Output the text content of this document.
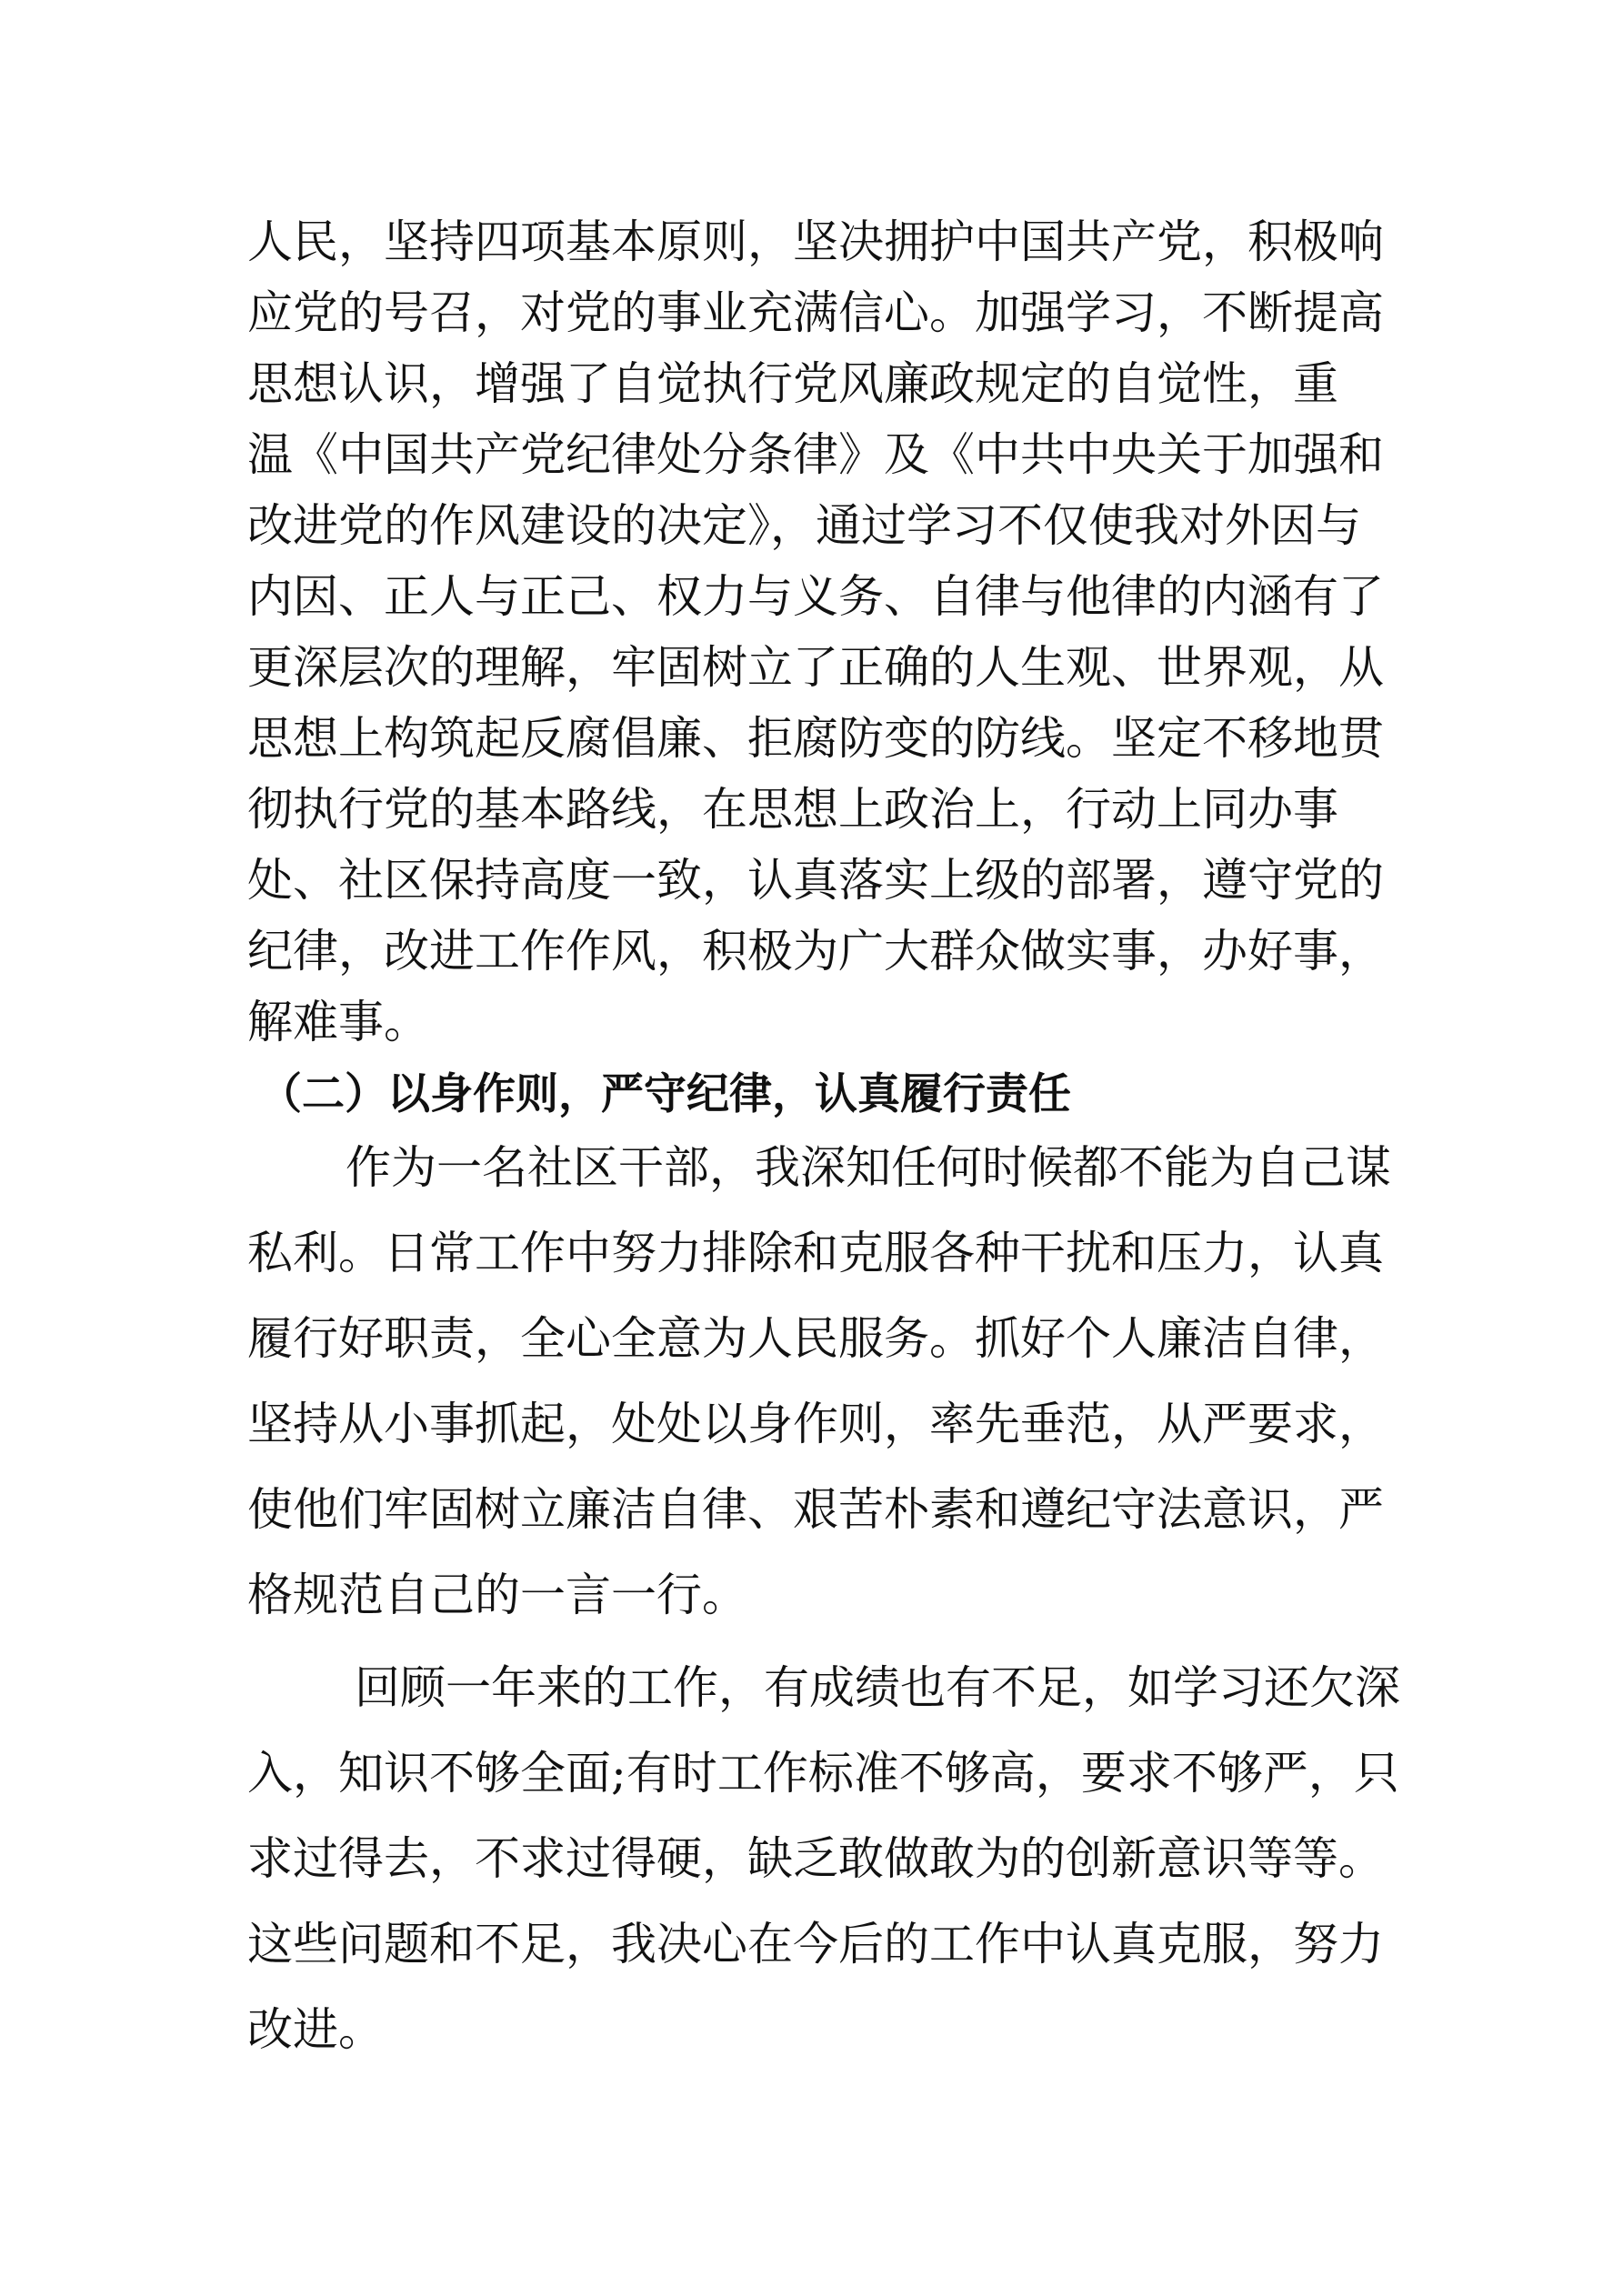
人民，坚持四项基本原则，坚决拥护中国共产党，积极响
应党的号召，对党的事业充满信心。加强学习，不断提高
思想认识，增强了自觉执行党风廉政规定的自觉性，重
温《中国共产党纪律处分条律》及《中共中央关于加强和
改进党的作风建设的决定》，通过学习不仅使我对外因与
内因、正人与正己、权力与义务、自律与他律的内涵有了
更深层次的理解，牢固树立了正确的人生观、世界观，从
思想上构筑起反腐倡廉、拒腐防变的防线。坚定不移地贯
彻执行党的基本路线，在思想上政治上，行动上同办事
处、社区保持高度一致，认真落实上级的部署，遵守党的
纪律，改进工作作风，积极为广大群众做实事，办好事，
解难事。
（二）以身作则，严守纪律，认真履行责任
作为一名社区干部，我深知任何时候都不能为自己谋
私利。日常工作中努力排除和克服各种干扰和压力，认真
履行好职责，全心全意为人民服务。抓好个人廉洁自律，
坚持从小事抓起，处处以身作则，率先垂范，从严要求，
使他们牢固树立廉洁自律、艰苦朴素和遵纪守法意识，严
格规范自己的一言一行。
回顾一年来的工作，有成绩也有不足，如学习还欠深
入，知识不够全面;有时工作标准不够高，要求不够严，只
求过得去，不求过得硬，缺乏敢做敢为的创新意识等等。
这些问题和不足，我决心在今后的工作中认真克服，努力
改进。
